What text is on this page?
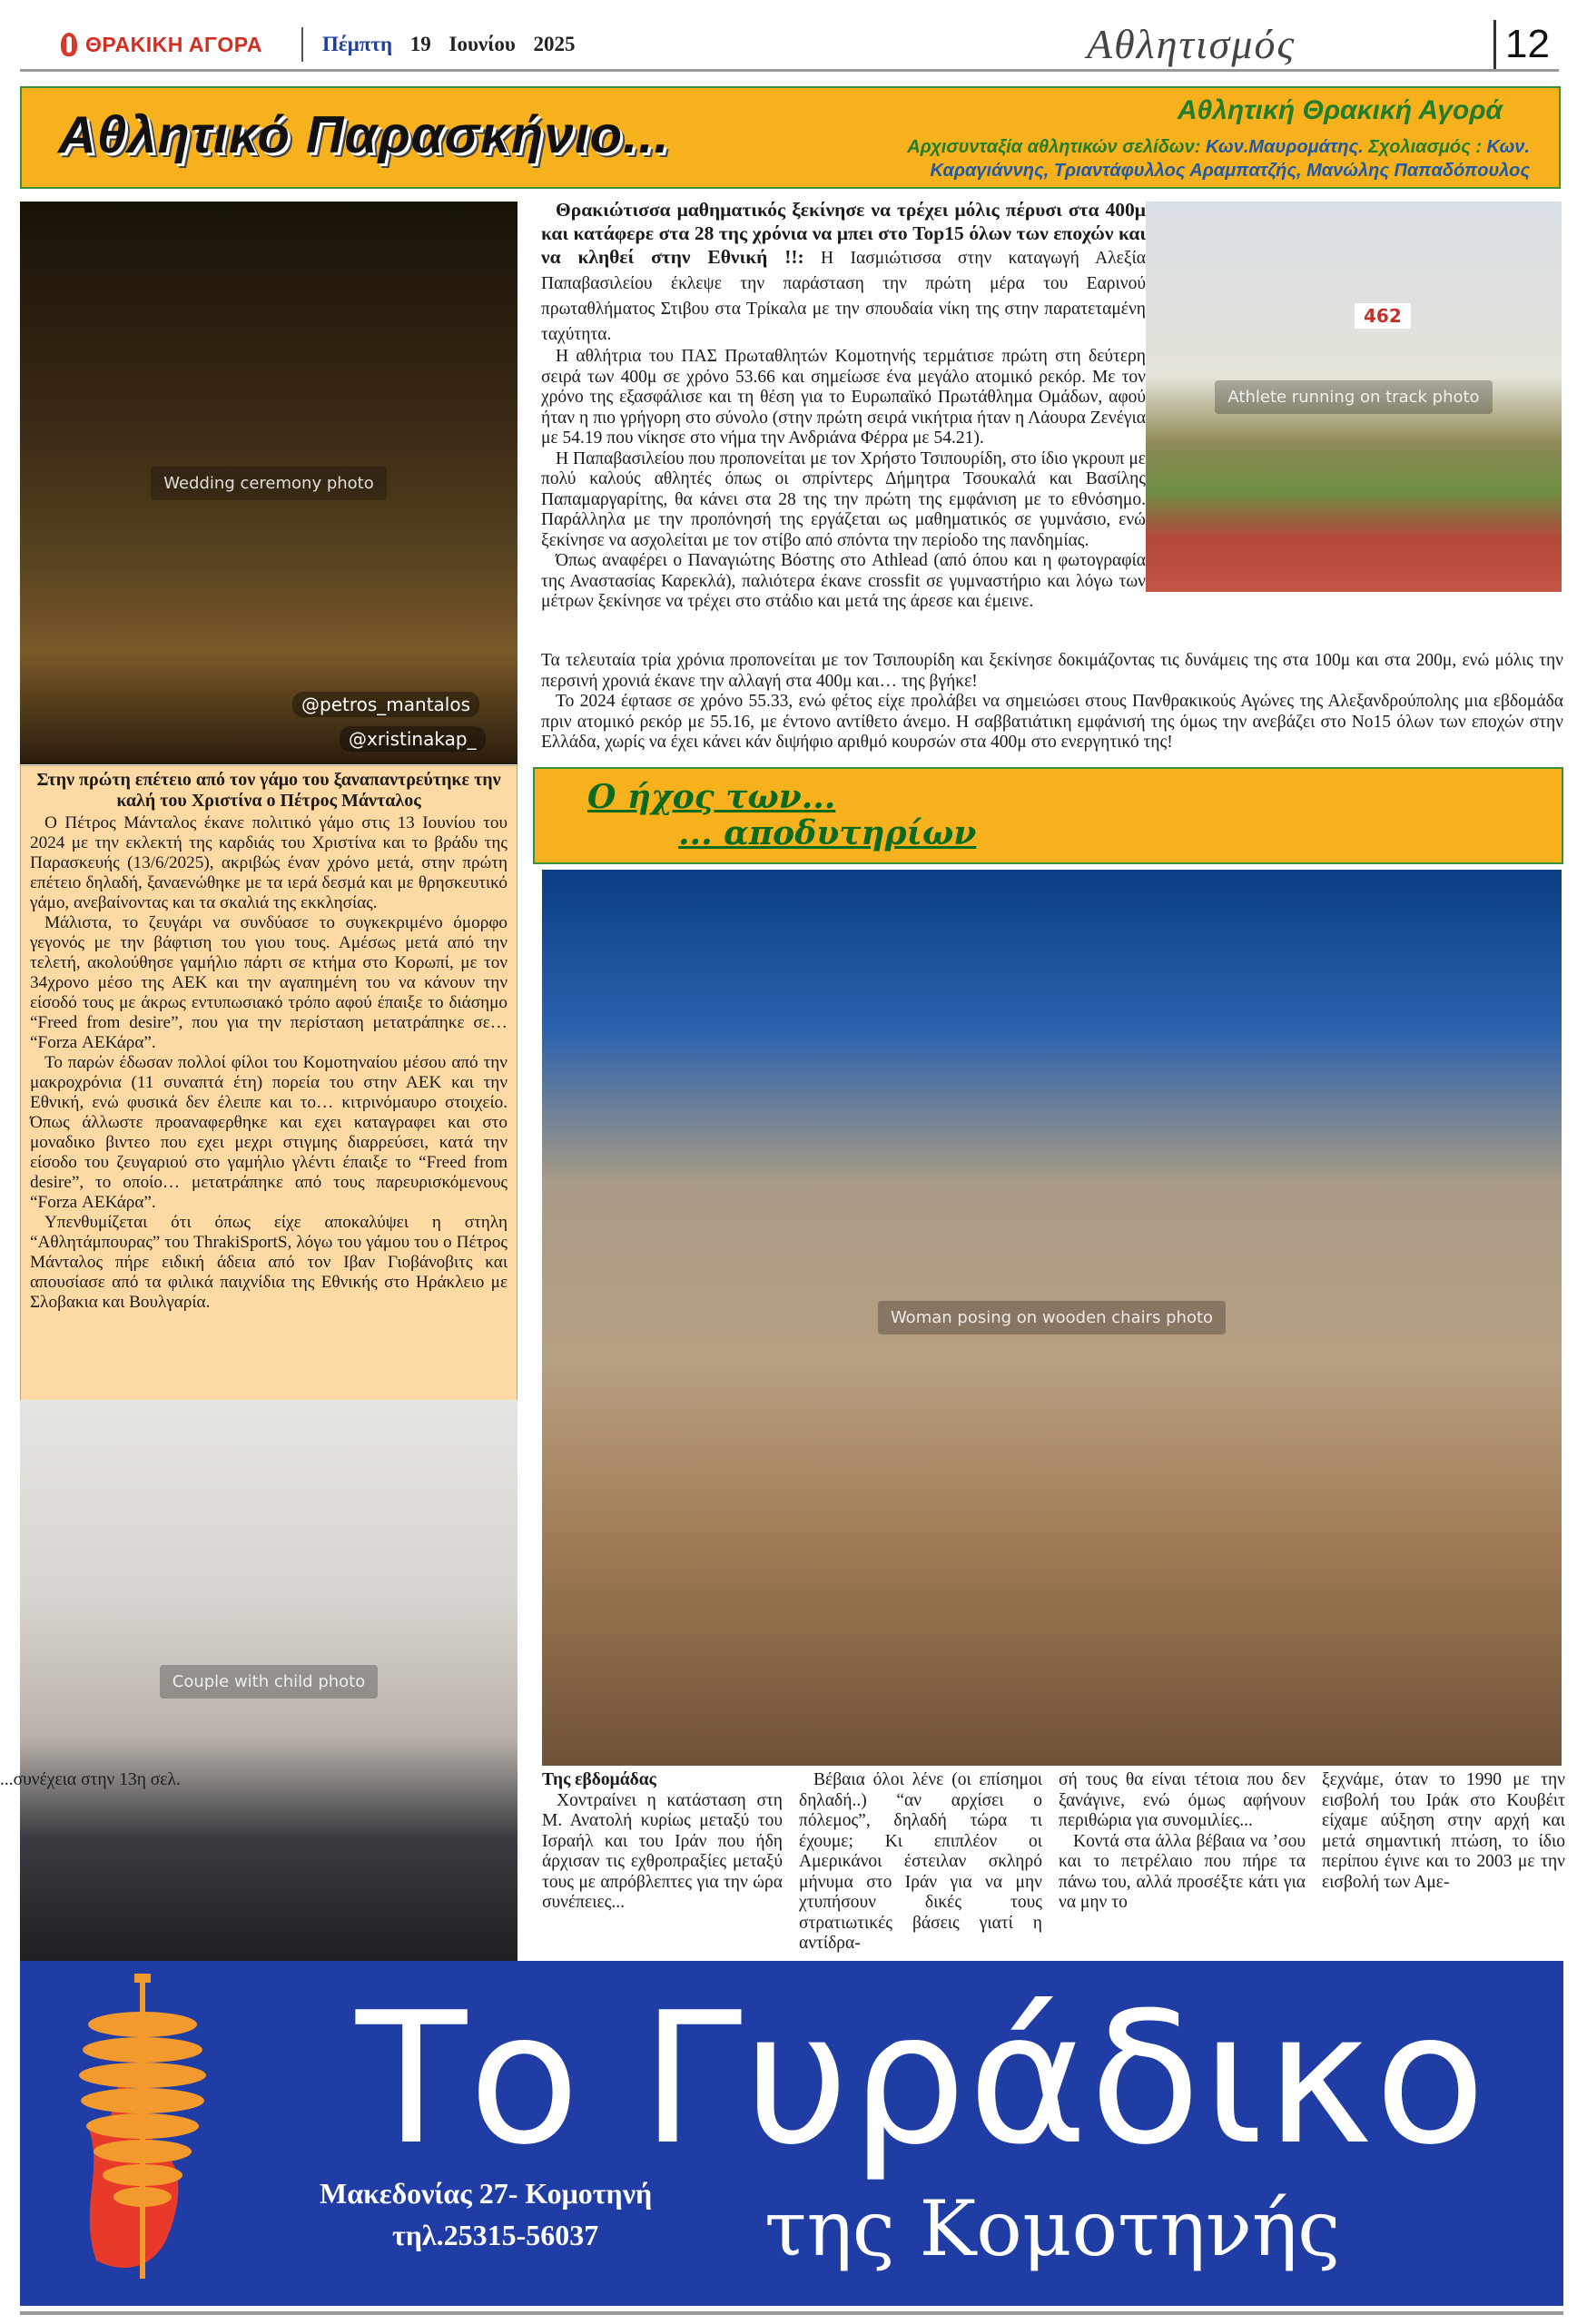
ΘΡΑΚΙΚΗ ΑΓΟΡΑ	Πέμπτη 19 Ιουνίου 2025	Αθλητισμός	12
Αθλητικό Παρασκήνιο...	Αθλητική Θρακική Αγορά
Αρχισυνταξία αθλητικών σελίδων: Κων.Μαυρομάτης. Σχολιασμός : Κων. Καραγιάννης, Τριαντάφυλλος Αραμπατζής, Μανώλης Παπαδόπουλος
Wedding ceremony photo
@petros_mantalos
@xristinakap_
Athlete running on track photo
462
Στην πρώτη επέτειο από τον γάμο του ξαναπαντρεύτηκε την καλή του Χριστίνα ο Πέτρος Μάνταλος

Ο Πέτρος Μάνταλος έκανε πολιτικό γάμο στις 13 Ιουνίου του 2024 με την εκλεκτή της καρδιάς του Χριστίνα και το βράδυ της Παρασκευής (13/6/2025), ακριβώς έναν χρόνο μετά, στην πρώτη επέτειο δηλαδή, ξαναενώθηκε με τα ιερά δεσμά και με θρησκευτικό γάμο, ανεβαίνοντας και τα σκαλιά της εκκλησίας.

Μάλιστα, το ζευγάρι να συνδύασε το συγκεκριμένο όμορφο γεγονός με την βάφτιση του γιου τους. Αμέσως μετά από την τελετή, ακολούθησε γαμήλιο πάρτι σε κτήμα στο Κορωπί, με τον 34χρονο μέσο της ΑΕΚ και την αγαπημένη του να κάνουν την είσοδό τους με άκρως εντυπωσιακό τρόπο αφού έπαιξε το διάσημο “Freed from desire”, που για την περίσταση μετατράπηκε σε… “Forza ΑΕΚάρα”.

Το παρών έδωσαν πολλοί φίλοι του Κομοτηναίου μέσου από την μακροχρόνια (11 συναπτά έτη) πορεία του στην ΑΕΚ και την Εθνική, ενώ φυσικά δεν έλειπε και το… κιτρινόμαυρο στοιχείο. Όπως άλλωστε προαναφερθηκε και εχει καταγραφει και στο μοναδικο βιντεο που εχει μεχρι στιγμης διαρρεύσει, κατά την είσοδο του ζευγαριού στο γαμήλιο γλέντι έπαιξε το “Freed from desire”, το οποίο… μετατράπηκε από τους παρευρισκόμενους “Forza ΑΕΚάρα”.

Υπενθυμίζεται ότι όπως είχε αποκαλύψει η στηλη “Αθλητάμπουρας” του ThrakiSportS, λόγω του γάμου του ο Πέτρος Μάνταλος πήρε ειδική άδεια από τον Ιβαν Γιοβάνοβιτς και απουσίασε από τα φιλικά παιχνίδια της Εθνικής στο Ηράκλειο με Σλοβακια και Βουλγαρία.

Couple with child photo

Θρακιώτισσα μαθηματικός ξεκίνησε να τρέχει μόλις πέρυσι στα 400μ και κατάφερε στα 28 της χρόνια να μπει στο Top15 όλων των εποχών και να κληθεί στην Εθνική !!: Η Ιασμιώτισσα στην καταγωγή Αλεξία Παπαβασιλείου έκλεψε την παράσταση την πρώτη μέρα του Εαρινού πρωταθλήματος Στιβου στα Τρίκαλα με την σπουδαία νίκη της στην παρατεταμένη ταχύτητα.

Η αθλήτρια του ΠΑΣ Πρωταθλητών Κομοτηνής τερμάτισε πρώτη στη δεύτερη σειρά των 400μ σε χρόνο 53.66 και σημείωσε ένα μεγάλο ατομικό ρεκόρ. Με τον χρόνο της εξασφάλισε και τη θέση για το Ευρωπαϊκό Πρωτάθλημα Ομάδων, αφού ήταν η πιο γρήγορη στο σύνολο (στην πρώτη σειρά νικήτρια ήταν η Λάουρα Ζενέγια με 54.19 που νίκησε στο νήμα την Ανδριάνα Φέρρα με 54.21).

Η Παπαβασιλείου που προπονείται με τον Χρήστο Τσιπουρίδη, στο ίδιο γκρουπ με πολύ καλούς αθλητές όπως οι σπρίντερς Δήμητρα Τσουκαλά και Βασίλης Παπαμαργαρίτης, θα κάνει στα 28 της την πρώτη της εμφάνιση με το εθνόσημο. Παράλληλα με την προπόνησή της εργάζεται ως μαθηματικός σε γυμνάσιο, ενώ ξεκίνησε να ασχολείται με τον στίβο από σπόντα την περίοδο της πανδημίας.

Όπως αναφέρει ο Παναγιώτης Βόστης στο Athlead (από όπου και η φωτογραφία της Αναστασίας Καρεκλά), παλιότερα έκανε crossfit σε γυμναστήριο και λόγω των μέτρων ξεκίνησε να τρέχει στο στάδιο και μετά της άρεσε και έμεινε.

Τα τελευταία τρία χρόνια προπονείται με τον Τσιπουρίδη και ξεκίνησε δοκιμάζοντας τις δυνάμεις της στα 100μ και στα 200μ, ενώ μόλις την περσινή χρονιά έκανε την αλλαγή στα 400μ και… της βγήκε!

Το 2024 έφτασε σε χρόνο 55.33, ενώ φέτος είχε προλάβει να σημειώσει στους Πανθρακικούς Αγώνες της Αλεξανδρούπολης μια εβδομάδα πριν ατομικό ρεκόρ με 55.16, με έντονο αντίθετο άνεμο. Η σαββατιάτικη εμφάνισή της όμως την ανεβάζει στο Νο15 όλων των εποχών στην Ελλάδα, χωρίς να έχει κάνει κάν διψήφιο αριθμό κουρσών στα 400μ στο ενεργητικό της!

Ο ήχος των...
... αποδυτηρίων
Woman posing on wooden chairs photo
Της εβδομάδας

Χοντραίνει η κατάσταση στη Μ. Ανατολή κυρίως μεταξύ του Ισραήλ και του Ιράν που ήδη άρχισαν τις εχθροπραξίες μεταξύ τους με απρόβλεπτες για την ώρα συνέπειες...

Βέβαια όλοι λένε (οι επίσημοι δηλαδή..) “αν αρχίσει ο πόλεμος”, δηλαδή τώρα τι έχουμε; Κι επιπλέον οι Αμερικάνοι έστειλαν σκληρό μήνυμα στο Ιράν για να μην χτυπήσουν δικές τους στρατιωτικές βάσεις γιατί η αντίδρα-

σή τους θα είναι τέτοια που δεν ξανάγινε, ενώ όμως αφήνουν περιθώρια για συνομιλίες...

Κοντά στα άλλα βέβαια να ’σου και το πετρέλαιο που πήρε τα πάνω του, αλλά προσέξτε κάτι για να μην το

ξεχνάμε, όταν το 1990 με την εισβολή του Ιράκ στο Κουβέιτ είχαμε αύξηση στην αρχή και μετά σημαντική πτώση, το ίδιο περίπου έγινε και το 2003 με την εισβολή των Αμε-

...συνέχεια στην 13η σελ.
Το Γυράδικο
Μακεδονίας 27- Κομοτηνή
τηλ.25315-56037 της Κομοτηνής
